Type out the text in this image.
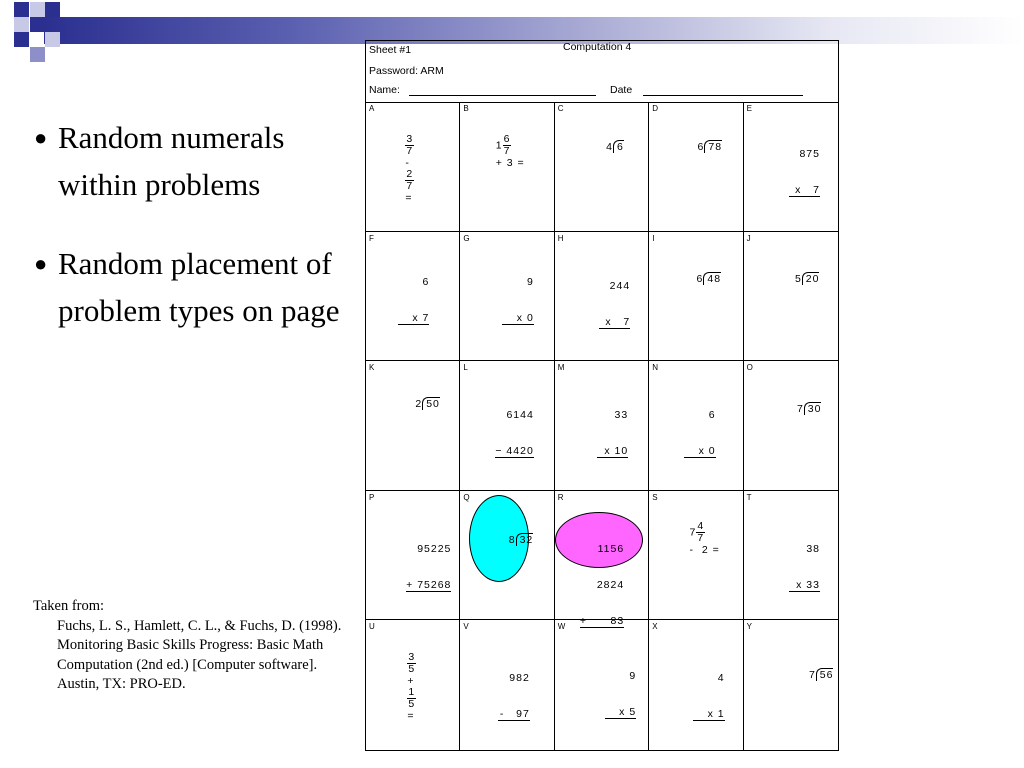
● Random numerals within problems
● Random placement of problem types on page
Taken from:
Fuchs, L. S., Hamlett, C. L., & Fuchs, D. (1998). Monitoring Basic Skills Progress: Basic Math Computation (2nd ed.) [Computer software]. Austin, TX: PRO-ED.
Sheet #1	Computation 4
Password: ARM
Name:	Date
A

$\frac{3}{7}$

-

$\frac{2}{7}$

=

B

$1 \frac{6}{7}$

+ 3 =

C

4 6

D

6 78

E

875

x   7

F

6

x 7

G

9

x 0

H

244

x   7

I

6 48

J

5 20

K

2 50

L

6144

− 4420

M

33

x 10

N

6

x 0

O

7 30

P

95225

+ 75268

Q

8 32

R

1156

2824

+      83

S

$7 \frac{4}{7}$

-  2 =

T

38

x 33

U

$\frac{3}{5}$

+

$\frac{1}{5}$

=

V

982

-   97

W

9

x 5

X

4

x 1

Y

7 56
